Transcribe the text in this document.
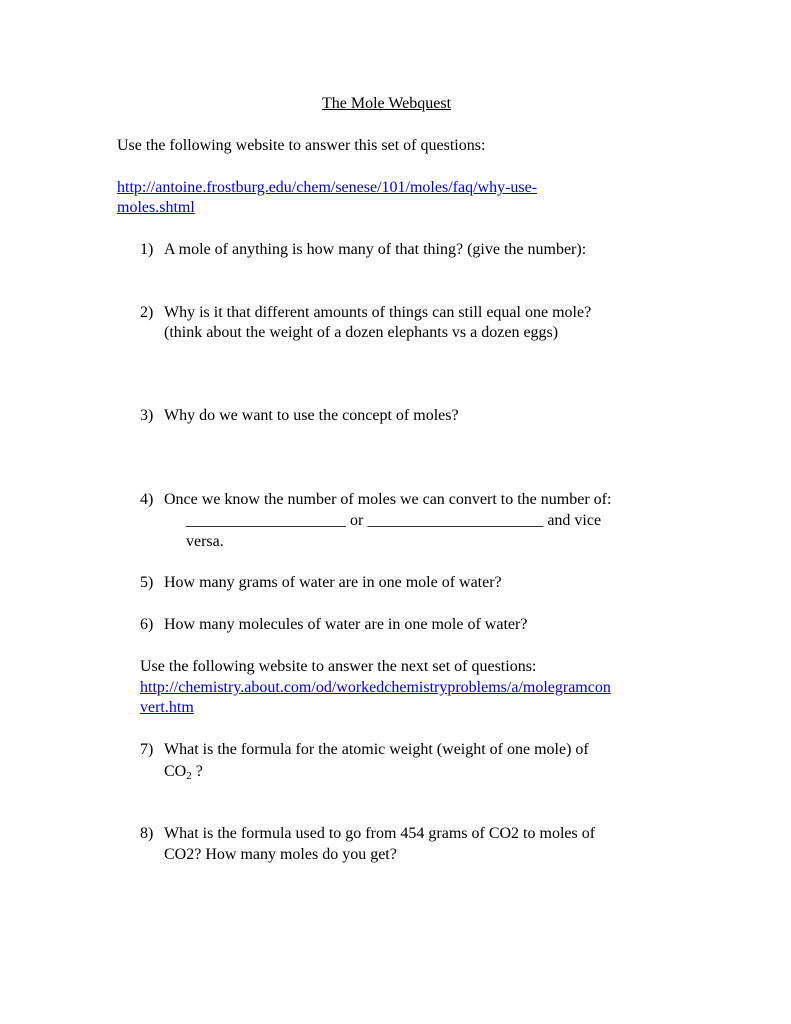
The Mole Webquest
Use the following website to answer this set of questions:
http://antoine.frostburg.edu/chem/senese/101/moles/faq/why-use-
moles.shtml
1) A mole of anything is how many of that thing? (give the number):
2) Why is it that different amounts of things can still equal one mole?
(think about the weight of a dozen elephants vs a dozen eggs)
3) Why do we want to use the concept of moles?
4) Once we know the number of moles we can convert to the number of:
____________________ or ______________________ and vice
versa.
5) How many grams of water are in one mole of water?
6) How many molecules of water are in one mole of water?
Use the following website to answer the next set of questions:
http://chemistry.about.com/od/workedchemistryproblems/a/molegramcon
vert.htm
7) What is the formula for the atomic weight (weight of one mole) of
$CO_2$ ?
8) What is the formula used to go from 454 grams of CO2 to moles of
CO2? How many moles do you get?
